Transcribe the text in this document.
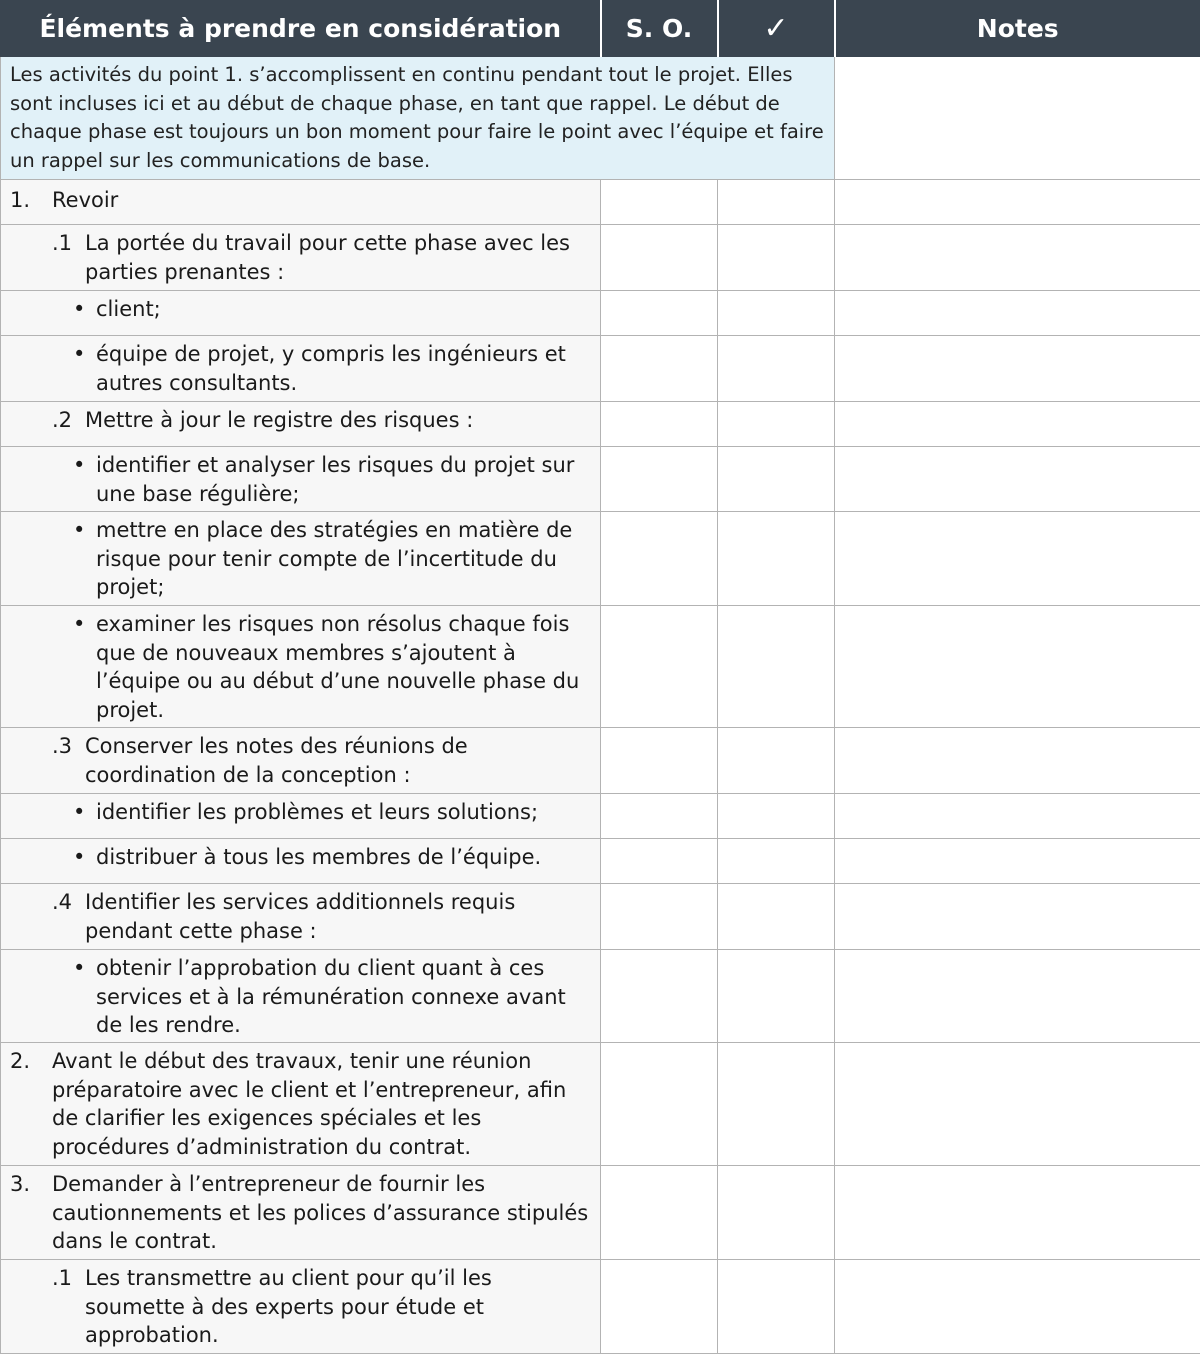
Éléments à prendre en considération	S. O.	✓	Notes
Les activités du point 1. s’accomplissent en continu pendant tout le projet. Elles sont incluses ici et au début de chaque phase, en tant que rappel. Le début de chaque phase est toujours un bon moment pour faire le point avec l’équipe et faire un rappel sur les communications de base.			

1. Revoir			

.1 La portée du travail pour cette phase avec les parties prenantes :			

• client;			

• équipe de projet, y compris les ingénieurs et autres consultants.			

.2 Mettre à jour le registre des risques :			

• identifier et analyser les risques du projet sur une base régulière;			

• mettre en place des stratégies en matière de risque pour tenir compte de l’incertitude du projet;			

• examiner les risques non résolus chaque fois que de nouveaux membres s’ajoutent à l’équipe ou au début d’une nouvelle phase du projet.			

.3 Conserver les notes des réunions de coordination de la conception :			

• identifier les problèmes et leurs solutions;			

• distribuer à tous les membres de l’équipe.			

.4 Identifier les services additionnels requis pendant cette phase :			

• obtenir l’approbation du client quant à ces services et à la rémunération connexe avant de les rendre.			

2. Avant le début des travaux, tenir une réunion préparatoire avec le client et l’entrepreneur, afin de clarifier les exigences spéciales et les procédures d’administration du contrat.			

3. Demander à l’entrepreneur de fournir les cautionnements et les polices d’assurance stipulés dans le contrat.			

.1 Les transmettre au client pour qu’il les soumette à des experts pour étude et approbation.			
